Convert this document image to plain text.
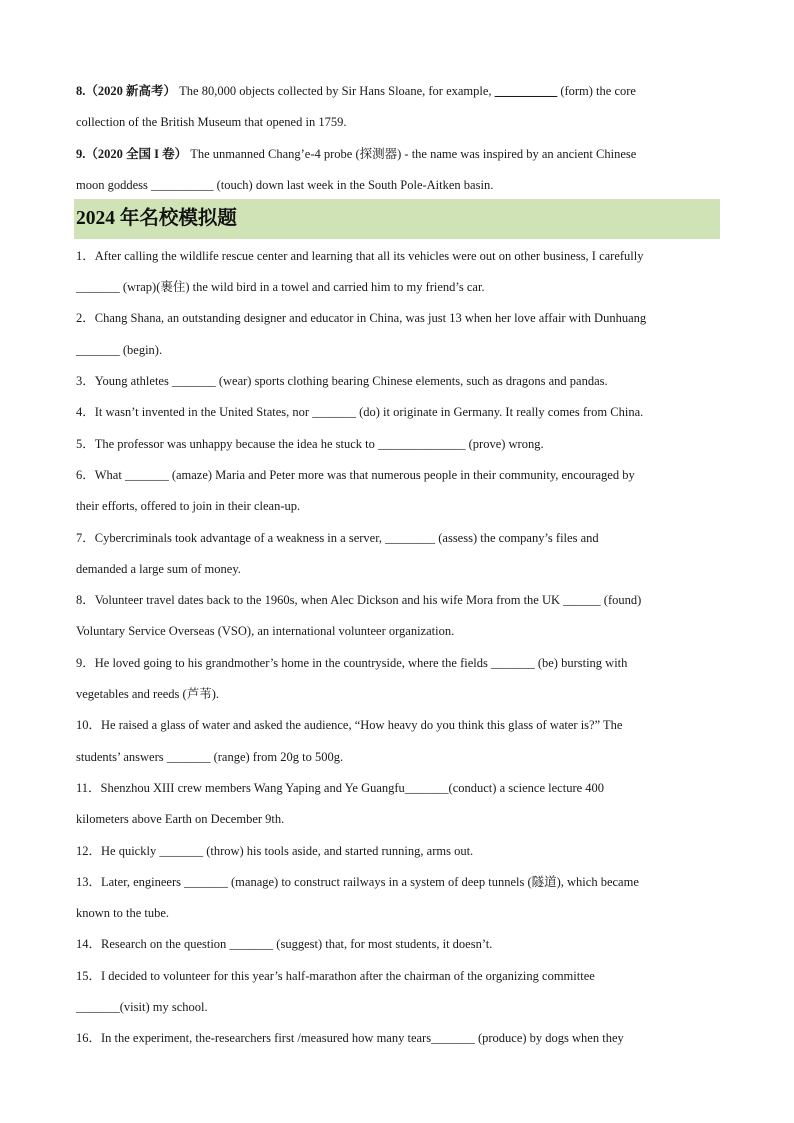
8.（2020 新高考） The 80,000 objects collected by Sir Hans Sloane, for example, __________ (form) the core
collection of the British Museum that opened in 1759.
9.（2020 全国 I 卷） The unmanned Chang’e-4 probe (探测器) - the name was inspired by an ancient Chinese
moon goddess __________ (touch) down last week in the South Pole-Aitken basin.
2024 年名校模拟题
1．After calling the wildlife rescue center and learning that all its vehicles were out on other business, I carefully
_______ (wrap)(裹住) the wild bird in a towel and carried him to my friend’s car.
2．Chang Shana, an outstanding designer and educator in China, was just 13 when her love affair with Dunhuang
_______ (begin).
3．Young athletes _______ (wear) sports clothing bearing Chinese elements, such as dragons and pandas.
4．It wasn’t invented in the United States, nor _______ (do) it originate in Germany. It really comes from China.
5．The professor was unhappy because the idea he stuck to ______________ (prove) wrong.
6．What _______ (amaze) Maria and Peter more was that numerous people in their community, encouraged by
their efforts, offered to join in their clean-up.
7．Cybercriminals took advantage of a weakness in a server, ________ (assess) the company’s files and
demanded a large sum of money.
8．Volunteer travel dates back to the 1960s, when Alec Dickson and his wife Mora from the UK ______ (found)
Voluntary Service Overseas (VSO), an international volunteer organization.
9．He loved going to his grandmother’s home in the countryside, where the fields _______ (be) bursting with
vegetables and reeds (芦苇).
10．He raised a glass of water and asked the audience, “How heavy do you think this glass of water is?” The
students’ answers _______ (range) from 20g to 500g.
11．Shenzhou XIII crew members Wang Yaping and Ye Guangfu_______(conduct) a science lecture 400
kilometers above Earth on December 9th.
12．He quickly _______ (throw) his tools aside, and started running, arms out.
13．Later, engineers _______ (manage) to construct railways in a system of deep tunnels (隧道), which became
known to the tube.
14．Research on the question _______ (suggest) that, for most students, it doesn’t.
15．I decided to volunteer for this year’s half-marathon after the chairman of the organizing committee
_______(visit) my school.
16．In the experiment, the-researchers first /measured how many tears_______ (produce) by dogs when they
